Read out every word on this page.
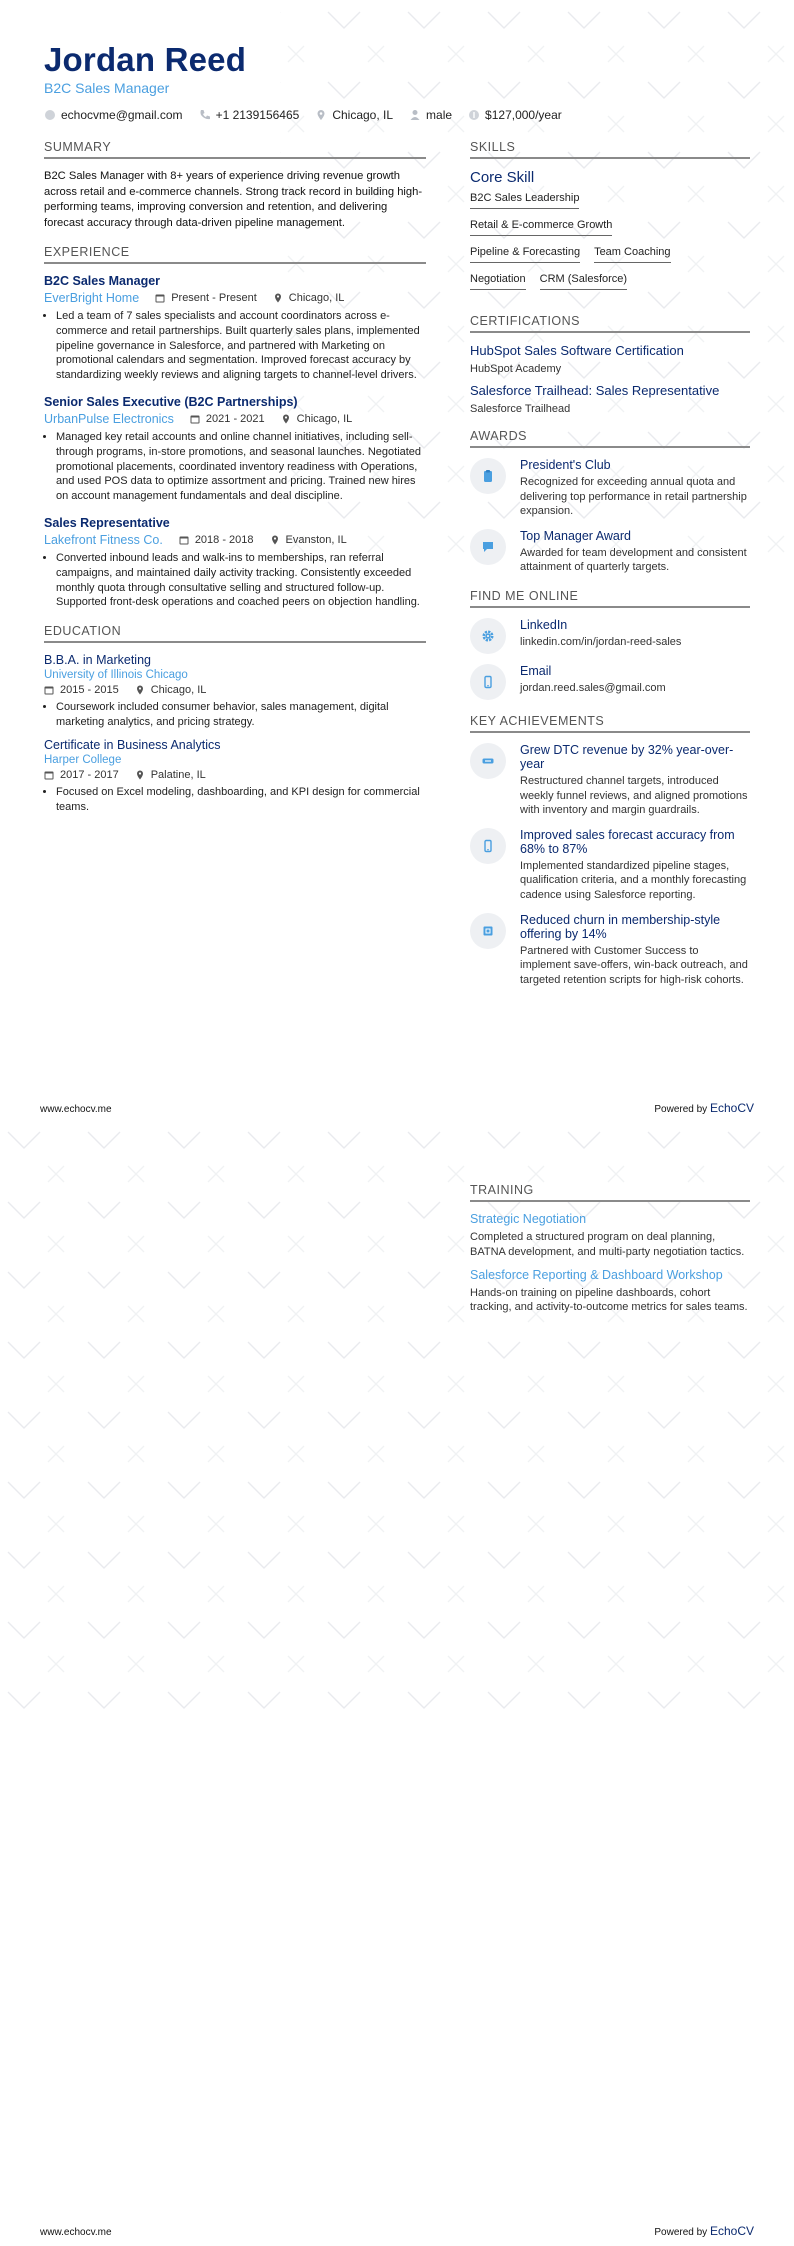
Jordan Reed
B2C Sales Manager
echocvme@gmail.com	+1 2139156465	Chicago, IL	male	$127,000/year
SUMMARY
B2C Sales Manager with 8+ years of experience driving revenue growth across retail and e-commerce channels. Strong track record in building high-performing teams, improving conversion and retention, and delivering forecast accuracy through data-driven pipeline management.
EXPERIENCE
B2C Sales Manager
EverBright Home	Present - Present	Chicago, IL
• Led a team of 7 sales specialists and account coordinators across e-commerce and retail partnerships. Built quarterly sales plans, implemented pipeline governance in Salesforce, and partnered with Marketing on promotional calendars and segmentation. Improved forecast accuracy by standardizing weekly reviews and aligning targets to channel-level drivers.
Senior Sales Executive (B2C Partnerships)
UrbanPulse Electronics	2021 - 2021	Chicago, IL
• Managed key retail accounts and online channel initiatives, including sell-through programs, in-store promotions, and seasonal launches. Negotiated promotional placements, coordinated inventory readiness with Operations, and used POS data to optimize assortment and pricing. Trained new hires on account management fundamentals and deal discipline.
Sales Representative
Lakefront Fitness Co.	2018 - 2018	Evanston, IL
• Converted inbound leads and walk-ins to memberships, ran referral campaigns, and maintained daily activity tracking. Consistently exceeded monthly quota through consultative selling and structured follow-up. Supported front-desk operations and coached peers on objection handling.
EDUCATION
B.B.A. in Marketing
University of Illinois Chicago
2015 - 2015	Chicago, IL
• Coursework included consumer behavior, sales management, digital marketing analytics, and pricing strategy.
Certificate in Business Analytics
Harper College
2017 - 2017	Palatine, IL
• Focused on Excel modeling, dashboarding, and KPI design for commercial teams.
SKILLS
Core Skill
B2C Sales Leadership
Retail & E-commerce Growth
Pipeline & Forecasting Team Coaching
Negotiation CRM (Salesforce)
CERTIFICATIONS
HubSpot Sales Software Certification
HubSpot Academy
Salesforce Trailhead: Sales Representative
Salesforce Trailhead
AWARDS
President's Club
Recognized for exceeding annual quota and delivering top performance in retail partnership expansion.
Top Manager Award
Awarded for team development and consistent attainment of quarterly targets.
FIND ME ONLINE
LinkedIn
linkedin.com/in/jordan-reed-sales
Email
jordan.reed.sales@gmail.com
KEY ACHIEVEMENTS
Grew DTC revenue by 32% year-over-year
Restructured channel targets, introduced weekly funnel reviews, and aligned promotions with inventory and margin guardrails.
Improved sales forecast accuracy from 68% to 87%
Implemented standardized pipeline stages, qualification criteria, and a monthly forecasting cadence using Salesforce reporting.
Reduced churn in membership-style offering by 14%
Partnered with Customer Success to implement save-offers, win-back outreach, and targeted retention scripts for high-risk cohorts.
www.echocv.me	Powered by EchoCV
TRAINING
Strategic Negotiation
Completed a structured program on deal planning, BATNA development, and multi-party negotiation tactics.
Salesforce Reporting & Dashboard Workshop
Hands-on training on pipeline dashboards, cohort tracking, and activity-to-outcome metrics for sales teams.
www.echocv.me	Powered by EchoCV
